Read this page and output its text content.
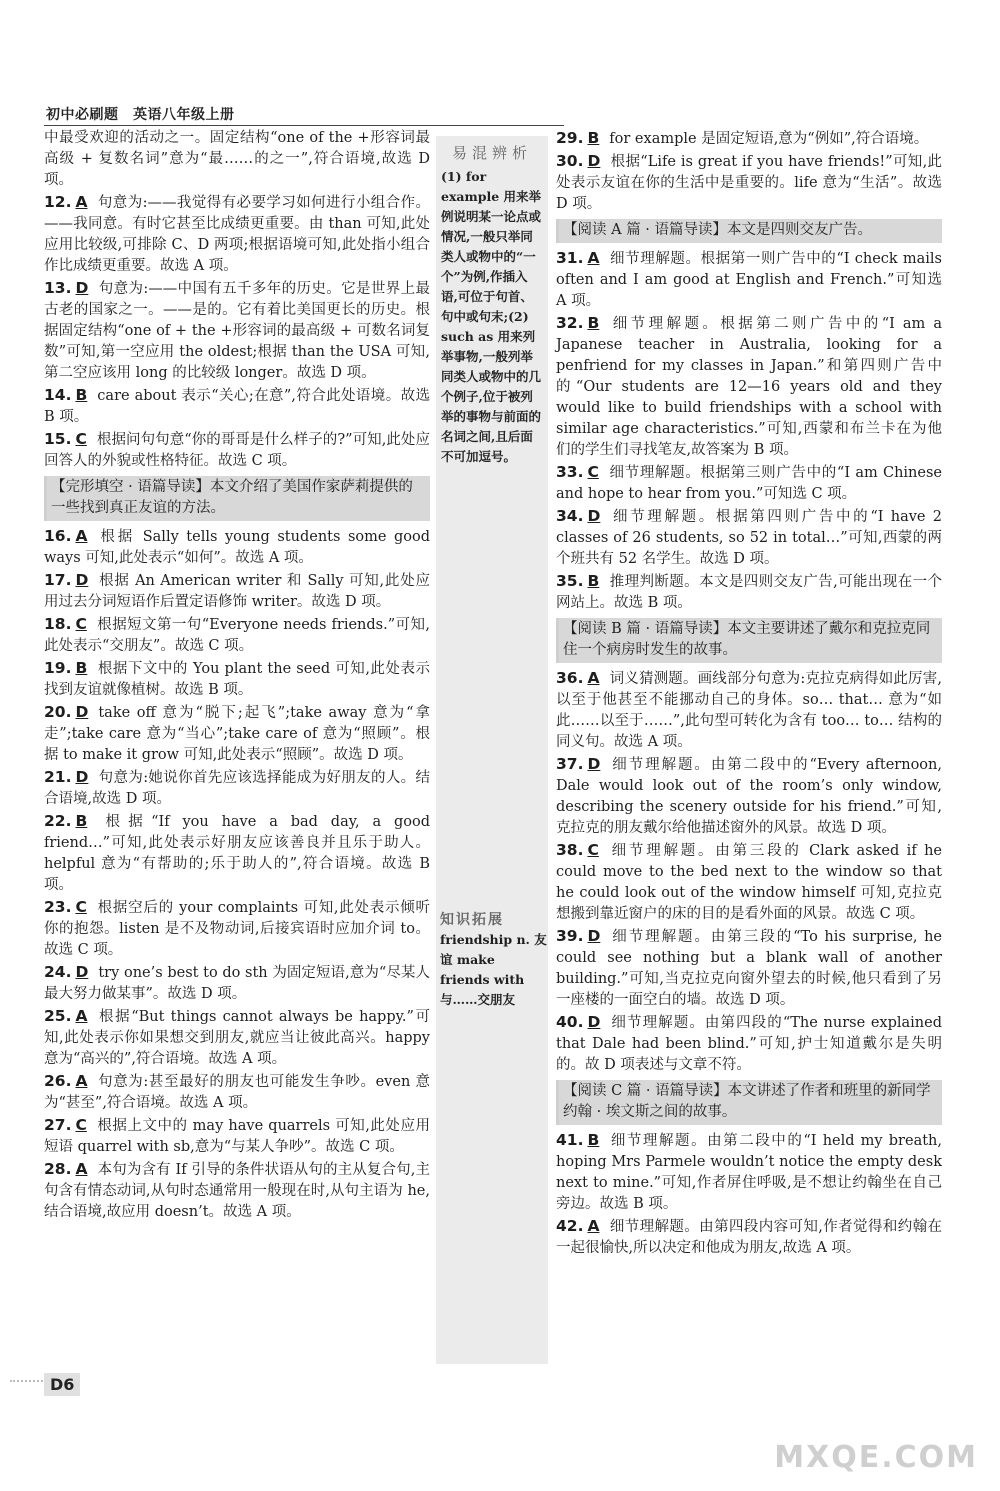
初中必刷题　英语八年级上册
中最受欢迎的活动之一。固定结构“one of the +形容词最高级 + 复数名词”意为“最……的之一”,符合语境,故选 D 项。
12. A 句意为:——我觉得有必要学习如何进行小组合作。——我同意。有时它甚至比成绩更重要。由 than 可知,此处应用比较级,可排除 C、D 两项;根据语境可知,此处指小组合作比成绩更重要。故选 A 项。
13. D 句意为:——中国有五千多年的历史。它是世界上最古老的国家之一。——是的。它有着比美国更长的历史。根据固定结构“one of + the +形容词的最高级 + 可数名词复数”可知,第一空应用 the oldest;根据 than the USA 可知,第二空应该用 long 的比较级 longer。故选 D 项。
14. B care about 表示“关心;在意”,符合此处语境。故选 B 项。
15. C 根据问句句意“你的哥哥是什么样子的?”可知,此处应回答人的外貌或性格特征。故选 C 项。
【完形填空 · 语篇导读】本文介绍了美国作家萨莉提供的一些找到真正友谊的方法。
16. A 根据 Sally tells young students some good ways 可知,此处表示“如何”。故选 A 项。
17. D 根据 An American writer 和 Sally 可知,此处应用过去分词短语作后置定语修饰 writer。故选 D 项。
18. C 根据短文第一句“Everyone needs friends.”可知,此处表示“交朋友”。故选 C 项。
19. B 根据下文中的 You plant the seed 可知,此处表示找到友谊就像植树。故选 B 项。
20. D take off 意为“脱下;起飞”;take away 意为“拿走”;take care 意为“当心”;take care of 意为“照顾”。根据 to make it grow 可知,此处表示“照顾”。故选 D 项。
21. D 句意为:她说你首先应该选择能成为好朋友的人。结合语境,故选 D 项。
22. B 根据“If you have a bad day, a good friend…”可知,此处表示好朋友应该善良并且乐于助人。helpful 意为“有帮助的;乐于助人的”,符合语境。故选 B 项。
23. C 根据空后的 your complaints 可知,此处表示倾听你的抱怨。listen 是不及物动词,后接宾语时应加介词 to。故选 C 项。
24. D try one’s best to do sth 为固定短语,意为“尽某人最大努力做某事”。故选 D 项。
25. A 根据“But things cannot always be happy.”可知,此处表示你如果想交到朋友,就应当让彼此高兴。happy 意为“高兴的”,符合语境。故选 A 项。
26. A 句意为:甚至最好的朋友也可能发生争吵。even 意为“甚至”,符合语境。故选 A 项。
27. C 根据上文中的 may have quarrels 可知,此处应用短语 quarrel with sb,意为“与某人争吵”。故选 C 项。
28. A 本句为含有 If 引导的条件状语从句的主从复合句,主句含有情态动词,从句时态通常用一般现在时,从句主语为 he,结合语境,故应用 doesn’t。故选 A 项。
易混辨析
(1) for example 用来举例说明某一论点或情况,一般只举同类人或物中的“一个”为例,作插入语,可位于句首、句中或句末;(2) such as 用来列举事物,一般列举同类人或物中的几个例子,位于被列举的事物与前面的名词之间,且后面不可加逗号。
知识拓展
friendship n. 友谊 make friends with 与……交朋友
29. B for example 是固定短语,意为“例如”,符合语境。
30. D 根据“Life is great if you have friends!”可知,此处表示友谊在你的生活中是重要的。life 意为“生活”。故选 D 项。
【阅读 A 篇 · 语篇导读】本文是四则交友广告。
31. A 细节理解题。根据第一则广告中的“I check mails often and I am good at English and French.”可知选 A 项。
32. B 细节理解题。根据第二则广告中的“I am a Japanese teacher in Australia, looking for a penfriend for my classes in Japan.”和第四则广告中的“Our students are 12—16 years old and they would like to build friendships with a school with similar age characteristics.”可知,西蒙和布兰卡在为他们的学生们寻找笔友,故答案为 B 项。
33. C 细节理解题。根据第三则广告中的“I am Chinese and hope to hear from you.”可知选 C 项。
34. D 细节理解题。根据第四则广告中的“I have 2 classes of 26 students, so 52 in total…”可知,西蒙的两个班共有 52 名学生。故选 D 项。
35. B 推理判断题。本文是四则交友广告,可能出现在一个网站上。故选 B 项。
【阅读 B 篇 · 语篇导读】本文主要讲述了戴尔和克拉克同住一个病房时发生的故事。
36. A 词义猜测题。画线部分句意为:克拉克病得如此厉害,以至于他甚至不能挪动自己的身体。so… that… 意为“如此……以至于……”,此句型可转化为含有 too… to… 结构的同义句。故选 A 项。
37. D 细节理解题。由第二段中的“Every afternoon, Dale would look out of the room’s only window, describing the scenery outside for his friend.”可知,克拉克的朋友戴尔给他描述窗外的风景。故选 D 项。
38. C 细节理解题。由第三段的 Clark asked if he could move to the bed next to the window so that he could look out of the window himself 可知,克拉克想搬到靠近窗户的床的目的是看外面的风景。故选 C 项。
39. D 细节理解题。由第三段的“To his surprise, he could see nothing but a blank wall of another building.”可知,当克拉克向窗外望去的时候,他只看到了另一座楼的一面空白的墙。故选 D 项。
40. D 细节理解题。由第四段的“The nurse explained that Dale had been blind.”可知,护士知道戴尔是失明的。故 D 项表述与文章不符。
【阅读 C 篇 · 语篇导读】本文讲述了作者和班里的新同学约翰 · 埃文斯之间的故事。
41. B 细节理解题。由第二段中的“I held my breath, hoping Mrs Parmele wouldn’t notice the empty desk next to mine.”可知,作者屏住呼吸,是不想让约翰坐在自己旁边。故选 B 项。
42. A 细节理解题。由第四段内容可知,作者觉得和约翰在一起很愉快,所以决定和他成为朋友,故选 A 项。
D6
MXQE.COM
